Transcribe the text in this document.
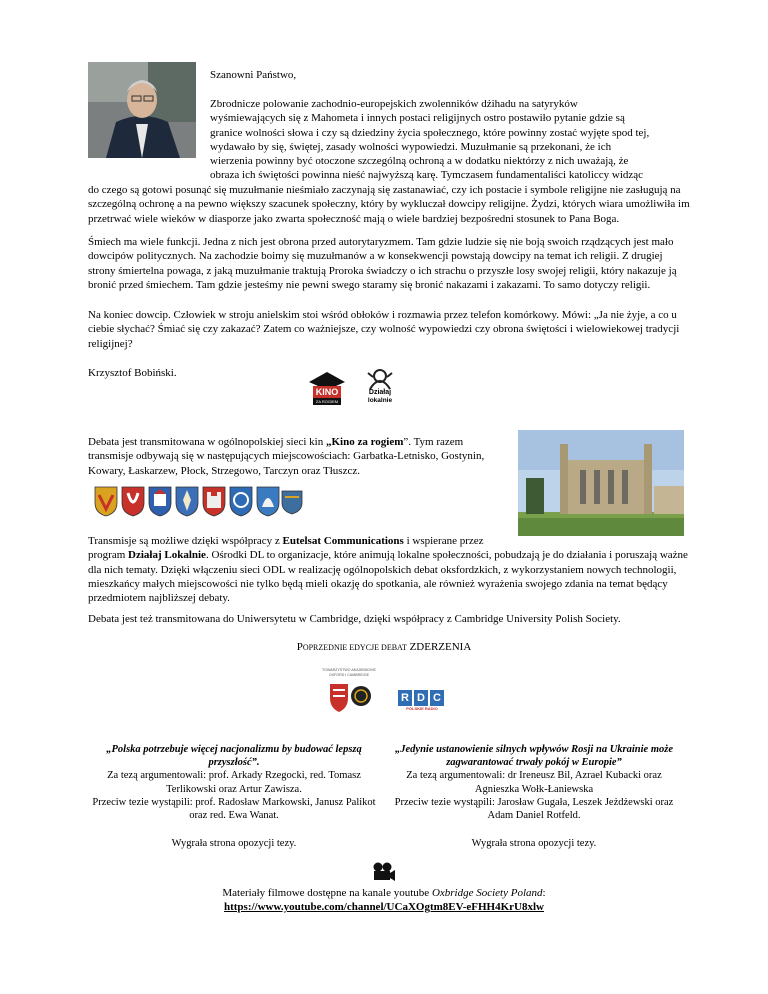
Szanowni Państwo,

Zbrodnicze polowanie zachodnio-europejskich zwolenników dżihadu na satyryków
wyśmiewających się z Mahometa i innych postaci religijnych ostro postawiło pytanie gdzie są
granice wolności słowa i czy są dziedziny życia społecznego, które powinny zostać wyjęte spod tej,
wydawało by się, świętej, zasady wolności wypowiedzi. Muzułmanie są przekonani, że ich
wierzenia powinny być otoczone szczególną ochroną a w dodatku niektórzy z nich uważają, że
obraza ich świętości powinna nieść najwyższą karę. Tymczasem fundamentaliści katoliccy widząc

do czego są gotowi posunąć się muzułmanie nieśmiało zaczynają się zastanawiać, czy ich postacie i symbole religijne nie zasługują na szczególną ochronę a na pewno większy szacunek społeczny, który by wykluczał dowcipy religijne. Żydzi, których wiara umożliwiła im przetrwać wiele wieków w diasporze jako zwarta społeczność mają o wiele bardziej bezpośredni stosunek to Pana Boga.

Śmiech ma wiele funkcji. Jedna z nich jest obrona przed autorytaryzmem. Tam gdzie ludzie się nie boją swoich rządzących jest mało dowcipów politycznych. Na zachodzie boimy się muzułmanów a w konsekwencji powstają dowcipy na temat ich religii. Z drugiej strony śmiertelna powaga, z jaką muzułmanie traktują Proroka świadczy o ich strachu o przyszłe losy swojej religii, który nakazuje ją bronić przed śmiechem. Tam gdzie jesteśmy nie pewni swego staramy się bronić nakazami i zakazami. To samo dotyczy religii.

Na koniec dowcip. Człowiek w stroju anielskim stoi wśród obłoków i rozmawia przez telefon komórkowy. Mówi: „Ja nie żyje, a co u ciebie słychać? Śmiać się czy zakazać? Zatem co ważniejsze, czy wolność wypowiedzi czy obrona świętości i wielowiekowej tradycji religijnej?

Krzysztof Bobiński.

KINO
ZA ROGIEM
Działaj
lokalnie

Debata jest transmitowana w ogólnopolskiej sieci kin „Kino za rogiem”. Tym razem transmisje odbywają się w następujących miejscowościach: Garbatka-Letnisko, Gostynin, Kowary, Łaskarzew, Płock, Strzegowo, Tarczyn oraz Tłuszcz.

Transmisje są możliwe dzięki współpracy z Eutelsat Communications i wspierane przez
program Działaj Lokalnie. Ośrodki DL to organizacje, które animują lokalne społeczności, pobudzają je do działania i poruszają ważne dla nich tematy. Dzięki włączeniu sieci ODL w realizację ogólnopolskich debat oksfordzkich, z wykorzystaniem nowych technologii, mieszkańcy małych miejscowości nie tylko będą mieli okazję do spotkania, ale również wyrażenia swojego zdania na temat będący przedmiotem najbliższej debaty.

Debata jest też transmitowana do Uniwersytetu w Cambridge, dzięki współpracy z Cambridge University Polish Society.

POPRZEDNIE EDYCJE DEBAT ZDERZENIA
TOWARZYSTWO AKADEMICKIE OXFORD I CAMBRIDGE
R D C
POLSKIE RADIO
„Polska potrzebuje więcej nacjonalizmu by budować lepszą przyszłość”.
Za tezą argumentowali: prof. Arkady Rzegocki, red. Tomasz Terlikowski oraz Artur Zawisza.
Przeciw tezie wystąpili: prof. Radosław Markowski, Janusz Palikot oraz red. Ewa Wanat.
Wygrała strona opozycji tezy.
„Jedynie ustanowienie silnych wpływów Rosji na Ukrainie może zagwarantować trwały pokój w Europie”
Za tezą argumentowali: dr Ireneusz Bil, Azrael Kubacki oraz Agnieszka Wołk-Łaniewska
Przeciw tezie wystąpili: Jarosław Gugała, Leszek Jeżdżewski oraz Adam Daniel Rotfeld.
Wygrała strona opozycji tezy.
Materiały filmowe dostępne na kanale youtube Oxbridge Society Poland:
https://www.youtube.com/channel/UCaXOgtm8EV-eFHH4KrU8xlw
